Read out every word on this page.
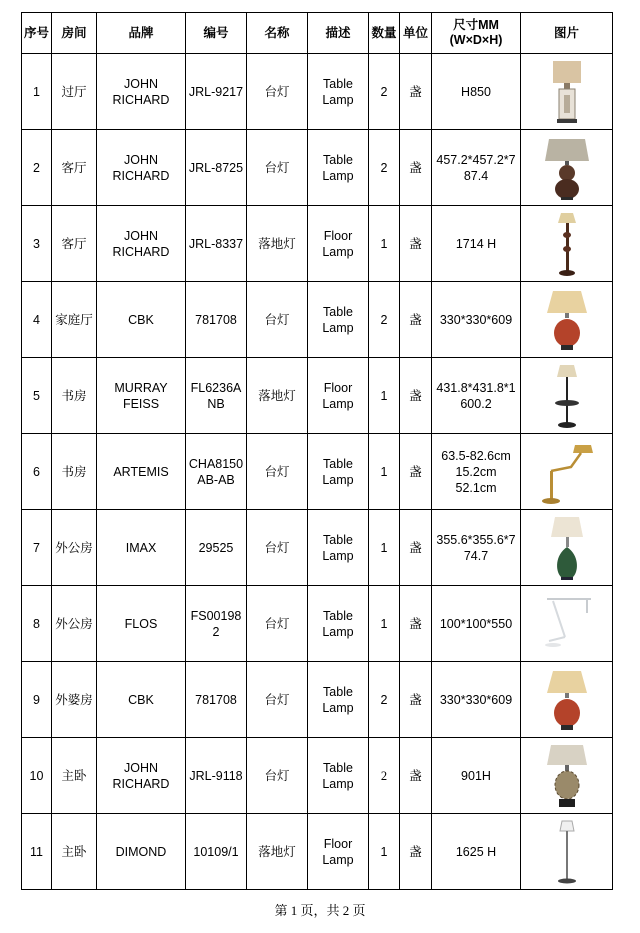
序号	房间	品牌	编号	名称	描述	数量	单位	尺寸MM
(W×D×H)	图片
1	过厅	JOHN RICHARD	JRL-9217	台灯	Table Lamp	2	盏	H850	

2	客厅	JOHN RICHARD	JRL-8725	台灯	Table Lamp	2	盏	457.2*457.2*787.4	

3	客厅	JOHN RICHARD	JRL-8337	落地灯	Floor Lamp	1	盏	1714 H	

4	家庭厅	CBK	781708	台灯	Table Lamp	2	盏	330*330*609	

5	书房	MURRAY FEISS	FL6236ANB	落地灯	Floor Lamp	1	盏	431.8*431.8*1600.2	

6	书房	ARTEMIS	CHA8150AB-AB	台灯	Table Lamp	1	盏	63.5-82.6cm
15.2cm
52.1cm	

7	外公房	IMAX	29525	台灯	Table Lamp	1	盏	355.6*355.6*774.7	

8	外公房	FLOS	FS001982	台灯	Table Lamp	1	盏	100*100*550	

9	外婆房	CBK	781708	台灯	Table Lamp	2	盏	330*330*609	

10	主卧	JOHN RICHARD	JRL-9118	台灯	Table Lamp	2	盏	901H	

11	主卧	DIMOND	10109/1	落地灯	Floor Lamp	1	盏	1625 H	
第 1 页，共 2 页
